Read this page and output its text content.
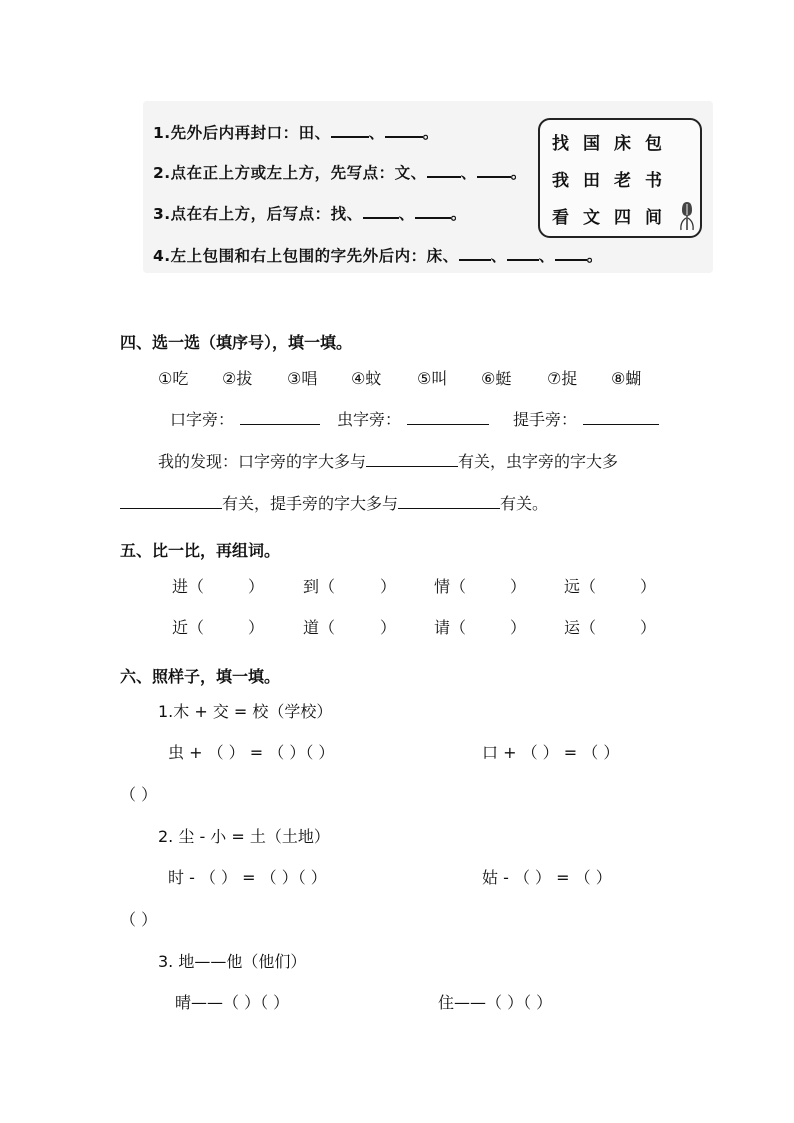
1.先外后内再封口：田、 、 。
2.点在正上方或左上方，先写点：文、 、 。
3.点在右上方，后写点：找、 、 。
4.左上包围和右上包围的字先外后内：床、 、 、 。
找国床包
我田老书
看文四间
四、选一选（填序号），填一填。
①吃 ②拔 ③唱 ④蚊 ⑤叫 ⑥蜓 ⑦捉 ⑧蝴
口字旁：	虫字旁：	提手旁：
我的发现：口字旁的字大多与	有关，虫字旁的字大多
有关，提手旁的字大多与	有关。
五、比一比，再组词。
进（	） 到（	） 情（	） 远（	）
近（	） 道（	） 请（	） 运（	）
六、照样子，填一填。
1.木 + 交 = 校（学校）
虫 + （ ） = （ ）（ ）	口 + （ ） = （ ）
（ ）
2. 尘 - 小 = 土（土地）
时 - （ ） = （ ）（ ）	姑 - （ ） = （ ）
（ ）
3. 地——他（他们）
晴——（ ）（ ）	住——（ ）（ ）
